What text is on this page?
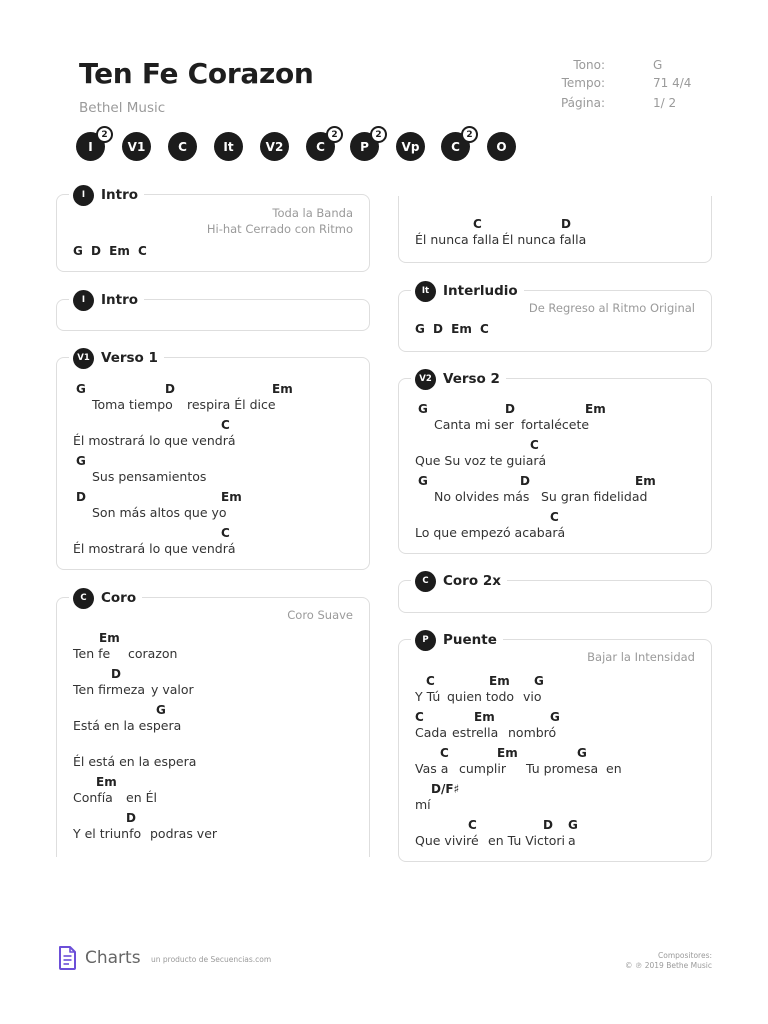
Ten Fe Corazon
Bethel Music
Tono:	G
Tempo:	71 4/4
Página:	1/ 2
I
2
V1	C	It	V2	C
2
P
2
Vp	C
2
O
I	Intro
Toda la Banda
Hi-hat Cerrado con Ritmo
G D Em C
I	Intro
V1 Verso 1
G	D	Em
Toma tiempo respira Él dice
C
Él mostrará lo que vendrá
G
Sus pensamientos
D	Em
Son más altos que yo
C
Él mostrará lo que vendrá
C	Coro
Coro Suave
Em
Ten fe corazon
D
Ten firmeza y valor
G
Está en la espera
Él está en la espera
Em
Confía en Él
D
Y el triunfo podras ver
C	D
Él nunca falla Él nunca falla
It	Interludio
De Regreso al Ritmo Original
G D Em C
V2 Verso 2
G	D	Em
Canta mi ser fortalécete
C
Que Su voz te guiará
G	D	Em
No olvides más Su gran fidelidad
C
Lo que empezó acabará
C	Coro 2x
P	Puente
Bajar la Intensidad
C	Em G
Y Tú quien todo vio
C	Em	G
Cada estrella nombró
C	Em	G
Vas a cumplir Tu promesa en
D/F♯
mí
C	D G
Que viviré en Tu Victori a
Charts un producto de Secuencias.com	Compositores:
© ℗ 2019 Bethe Music
